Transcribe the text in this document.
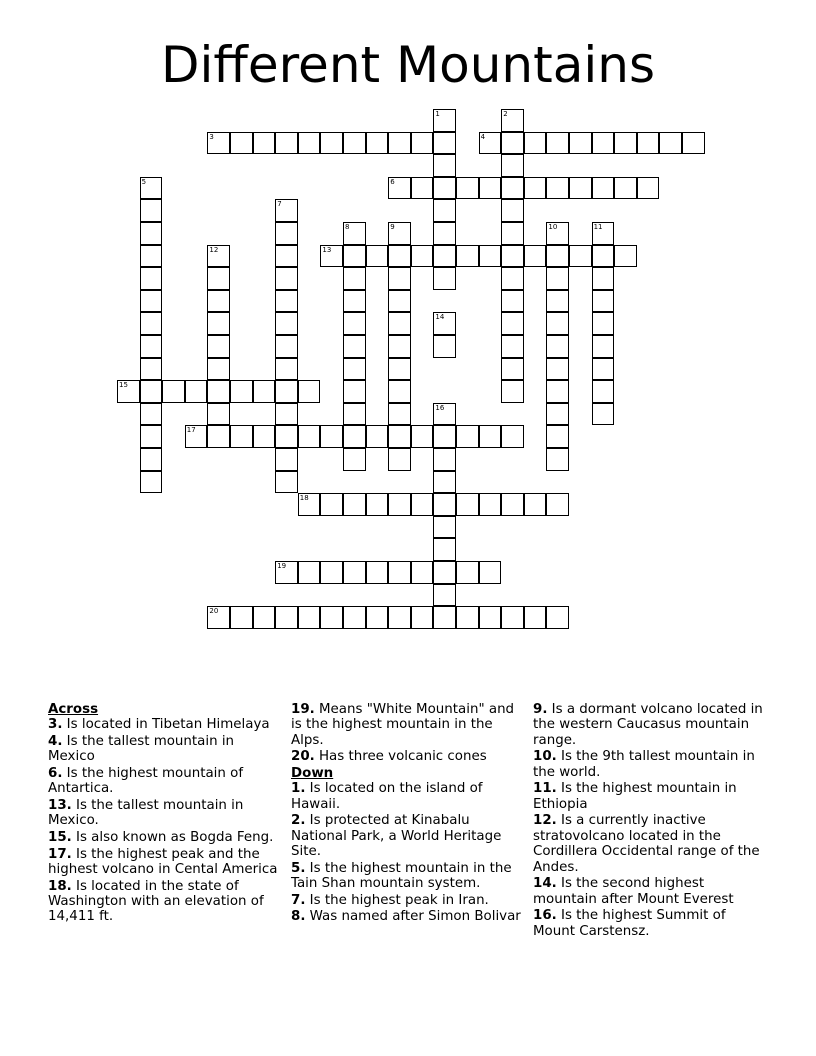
Different Mountains
1	2
3	4
5	6
7
8	9	10	11
12	13
14
15
16
17
18
19
20
Across
3. Is located in Tibetan Himelaya
4. Is the tallest mountain in Mexico
6. Is the highest mountain of Antartica.
13. Is the tallest mountain in Mexico.
15. Is also known as Bogda Feng.
17. Is the highest peak and the highest volcano in Cental America
18. Is located in the state of Washington with an elevation of 14,411 ft.
19. Means "White Mountain" and is the highest mountain in the Alps.
20. Has three volcanic cones
Down
1. Is located on the island of Hawaii.
2. Is protected at Kinabalu National Park, a World Heritage Site.
5. Is the highest mountain in the Tain Shan mountain system.
7. Is the highest peak in Iran.
8. Was named after Simon Bolivar
9. Is a dormant volcano located in the western Caucasus mountain range.
10. Is the 9th tallest mountain in the world.
11. Is the highest mountain in Ethiopia
12. Is a currently inactive stratovolcano located in the Cordillera Occidental range of the Andes.
14. Is the second highest mountain after Mount Everest
16. Is the highest Summit of Mount Carstensz.
